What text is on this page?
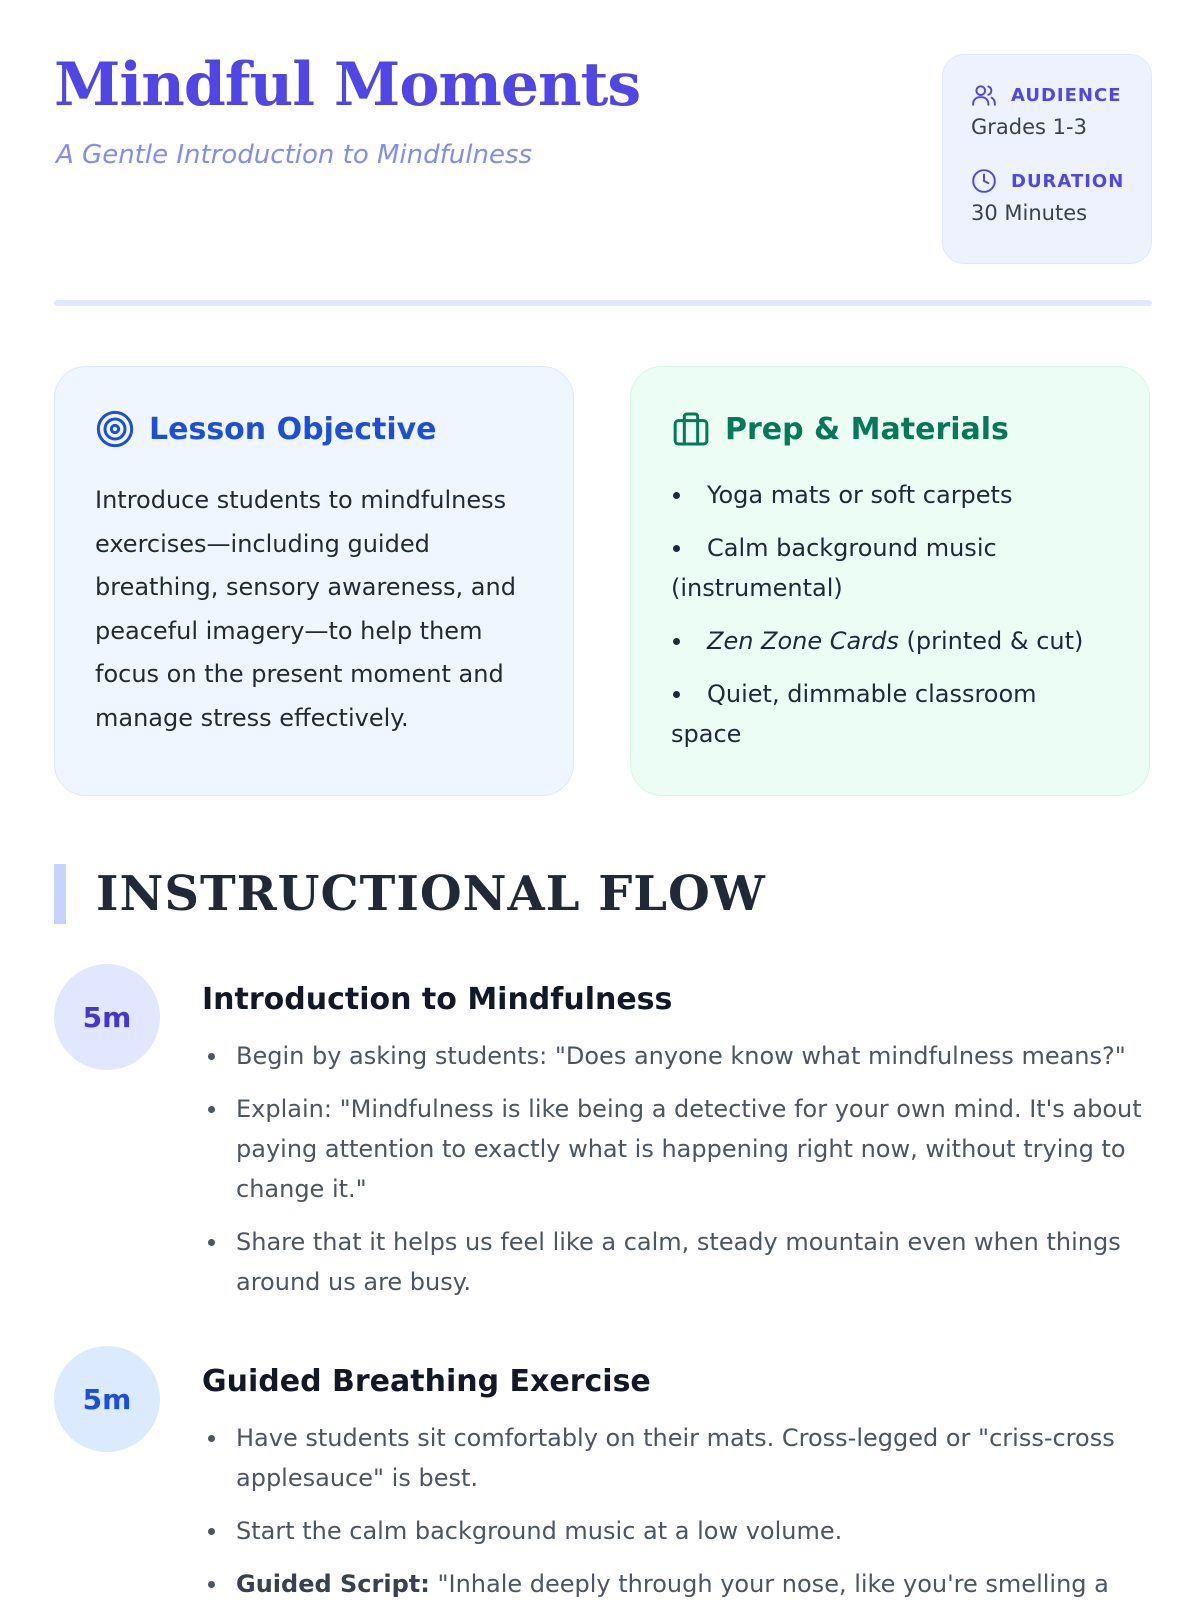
Mindful Moments
A Gentle Introduction to Mindfulness
AUDIENCE
Grades 1-3
DURATION
30 Minutes
Lesson Objective

Introduce students to mindfulness exercises—including guided breathing, sensory awareness, and peaceful imagery—to help them focus on the present moment and manage stress effectively.

Prep & Materials
Yoga mats or soft carpets
Calm background music (instrumental)
Zen Zone Cards (printed & cut)
Quiet, dimmable classroom space
INSTRUCTIONAL FLOW
5m	Introduction to Mindfulness
Begin by asking students: "Does anyone know what mindfulness means?"
Explain: "Mindfulness is like being a detective for your own mind. It's about paying attention to exactly what is happening right now, without trying to change it."
Share that it helps us feel like a calm, steady mountain even when things around us are busy.
5m	Guided Breathing Exercise
Have students sit comfortably on their mats. Cross-legged or "criss-cross applesauce" is best.
Start the calm background music at a low volume.
Guided Script: "Inhale deeply through your nose, like you're smelling a
